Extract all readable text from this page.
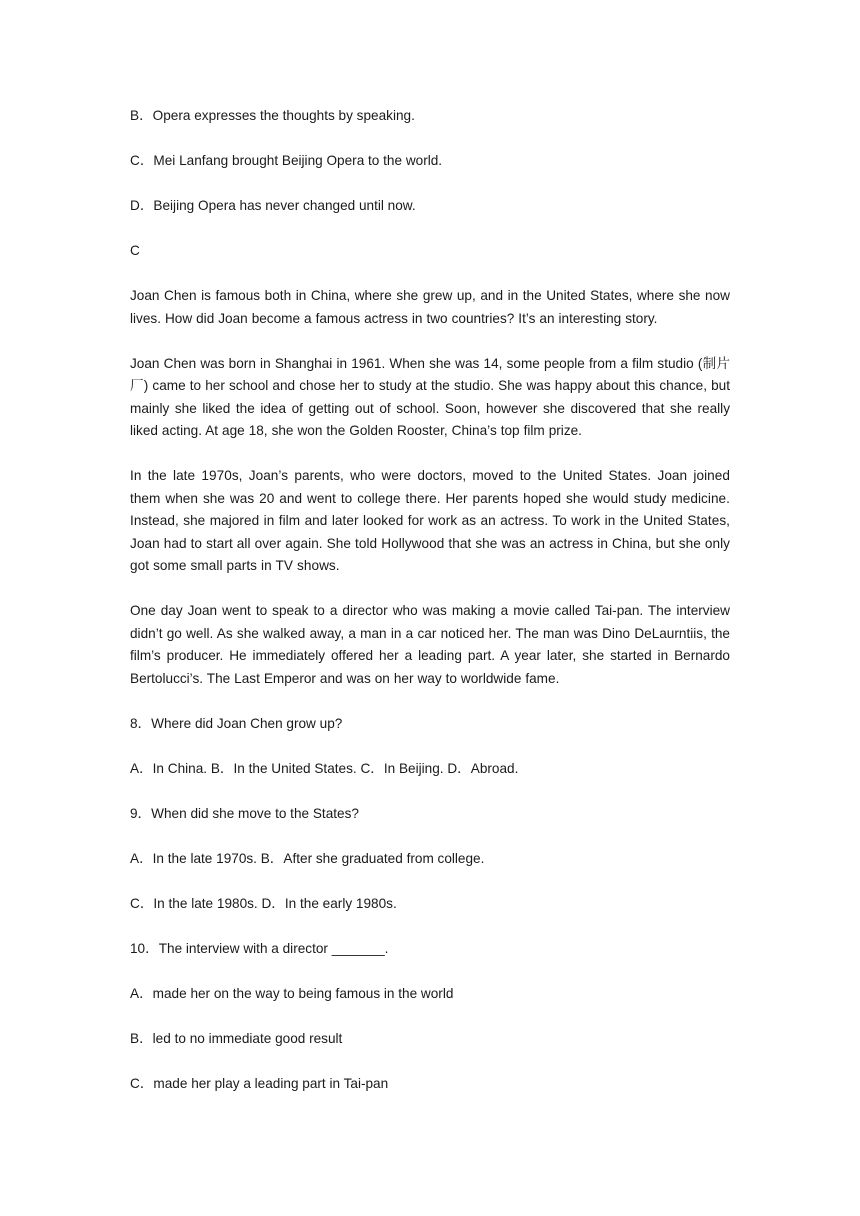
B．Opera expresses the thoughts by speaking.

C．Mei Lanfang brought Beijing Opera to the world.

D．Beijing Opera has never changed until now.

C

Joan Chen is famous both in China, where she grew up, and in the United States, where she now lives. How did Joan become a famous actress in two countries? It’s an interesting story.

Joan Chen was born in Shanghai in 1961. When she was 14, some people from a film studio (制片厂) came to her school and chose her to study at the studio. She was happy about this chance, but mainly she liked the idea of getting out of school. Soon, however she discovered that she really liked acting. At age 18, she won the Golden Rooster, China’s top film prize.

In the late 1970s, Joan’s parents, who were doctors, moved to the United States. Joan joined them when she was 20 and went to college there. Her parents hoped she would study medicine. Instead, she majored in film and later looked for work as an actress. To work in the United States, Joan had to start all over again. She told Hollywood that she was an actress in China, but she only got some small parts in TV shows.

One day Joan went to speak to a director who was making a movie called Tai-pan. The interview didn’t go well. As she walked away, a man in a car noticed her. The man was Dino DeLaurntiis, the film’s producer. He immediately offered her a leading part. A year later, she started in Bernardo Bertolucci’s. The Last Emperor and was on her way to worldwide fame.

8．Where did Joan Chen grow up?

A．In China. B．In the United States. C．In Beijing. D．Abroad.

9．When did she move to the States?

A．In the late 1970s. B．After she graduated from college.

C．In the late 1980s. D．In the early 1980s.

10．The interview with a director _______.

A．made her on the way to being famous in the world

B．led to no immediate good result

C．made her play a leading part in Tai-pan
